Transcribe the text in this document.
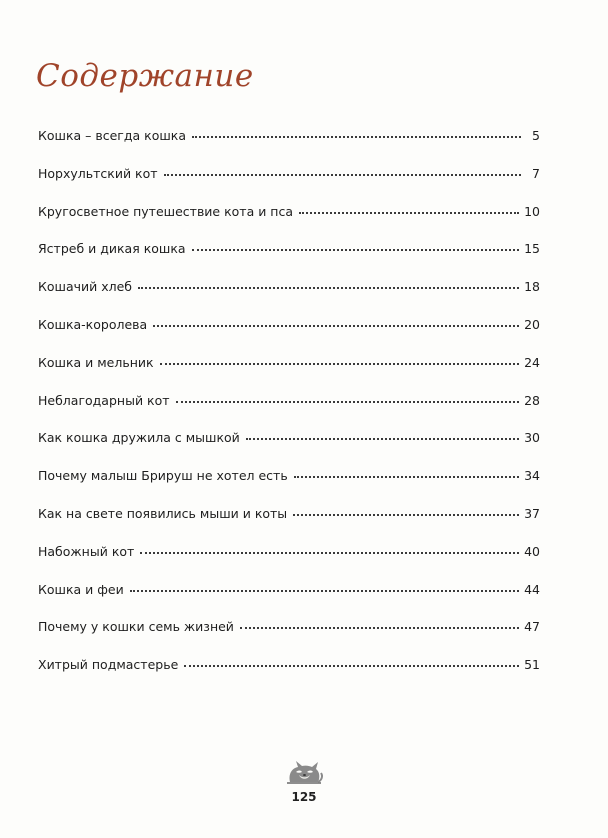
Содержание
Кошка – всегда кошка	5
Норхультский кот	7
Кругосветное путешествие кота и пса	10
Ястреб и дикая кошка	15
Кошачий хлеб	18
Кошка-королева	20
Кошка и мельник	24
Неблагодарный кот	28
Как кошка дружила с мышкой	30
Почему малыш Брируш не хотел есть	34
Как на свете появились мыши и коты	37
Набожный кот	40
Кошка и феи	44
Почему у кошки семь жизней	47
Хитрый подмастерье	51
125
